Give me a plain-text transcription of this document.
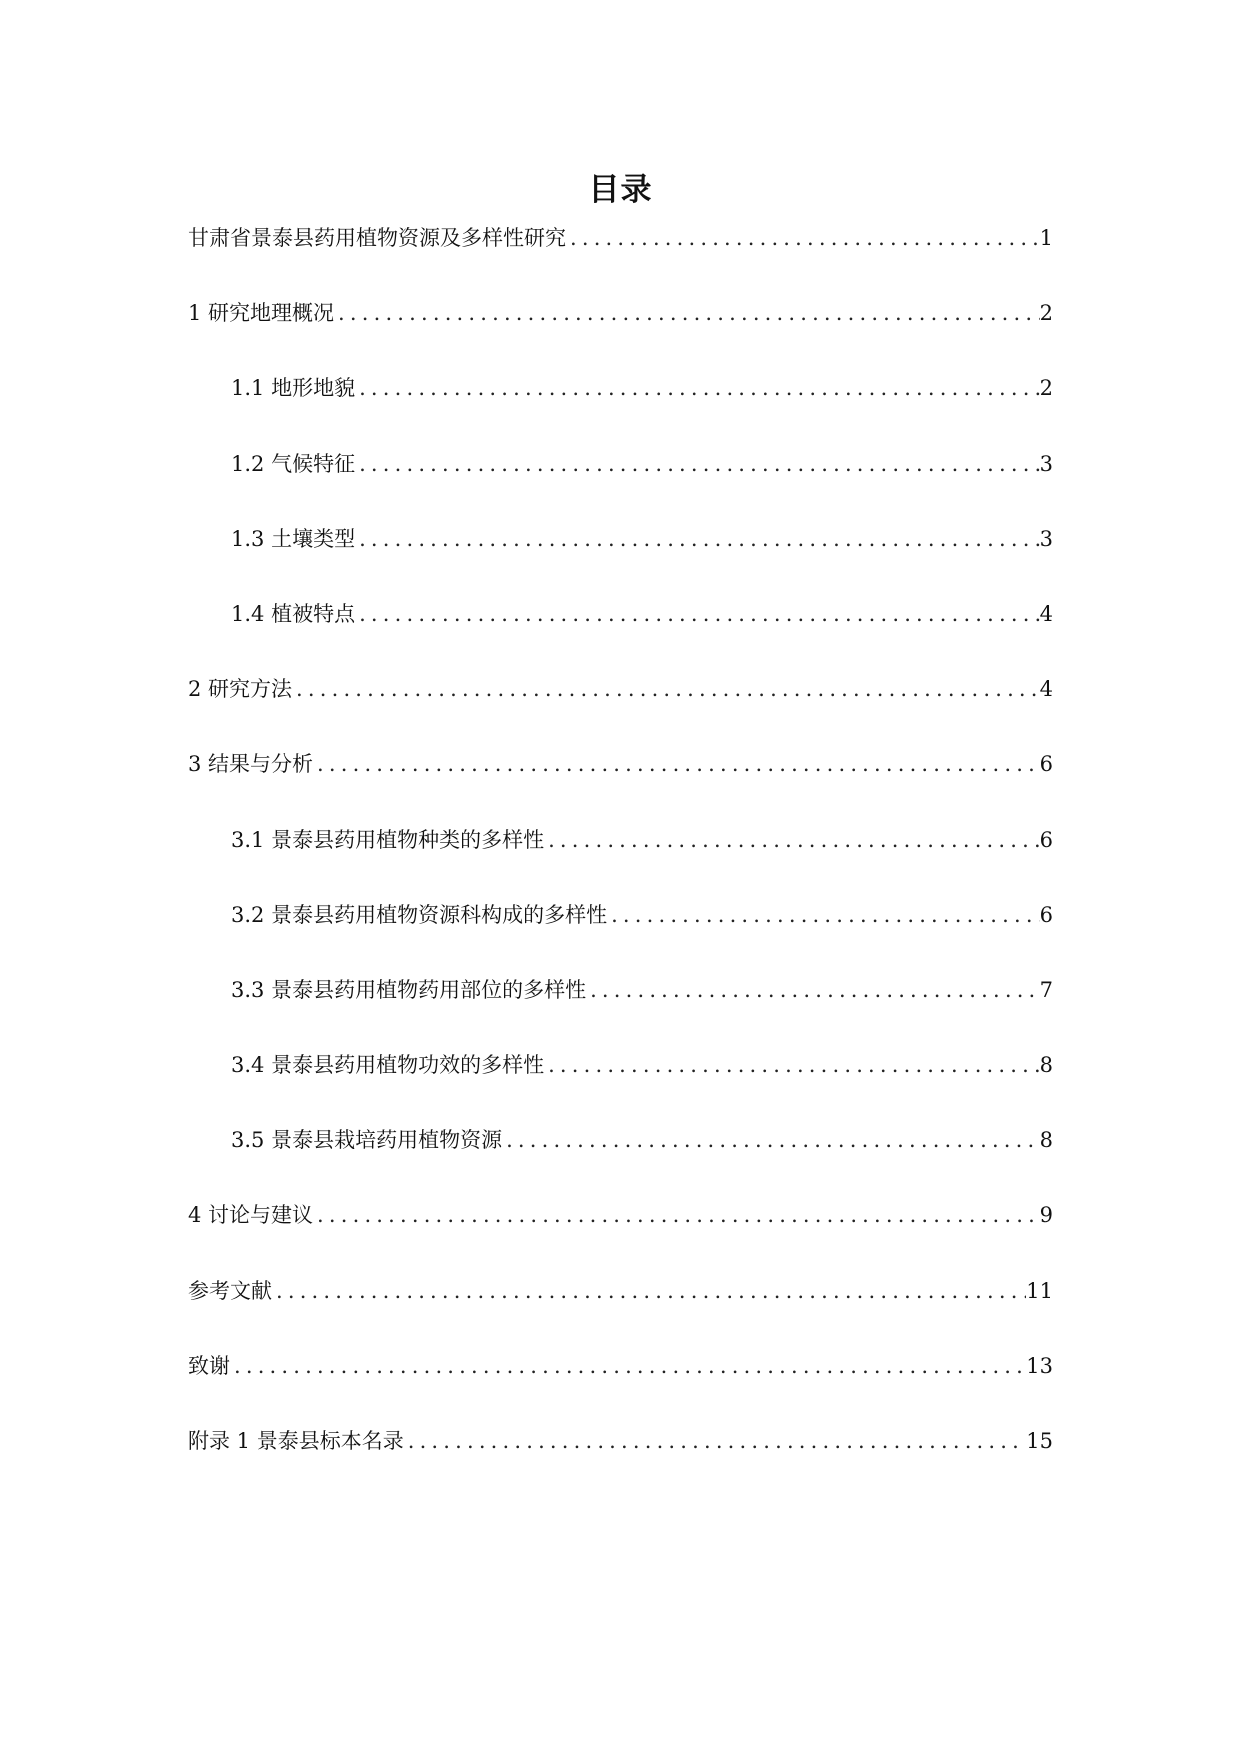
目录
甘肃省景泰县药用植物资源及多样性研究 . . .	1
1 研究地理概况 . . .	2
1.1 地形地貌 . . .	2
1.2 气候特征 . . .	3
1.3 土壤类型 . . .	3
1.4 植被特点 . . .	4
2 研究方法 . . .	4
3 结果与分析 . . .	6
3.1 景泰县药用植物种类的多样性 . . .	6
3.2 景泰县药用植物资源科构成的多样性 . . .	6
3.3 景泰县药用植物药用部位的多样性 . . .	7
3.4 景泰县药用植物功效的多样性 . . .	8
3.5 景泰县栽培药用植物资源 . . .	8
4 讨论与建议 . . .	9
参考文献 . . .	11
致谢 . . .	13
附录 1 景泰县标本名录 . . .	15
